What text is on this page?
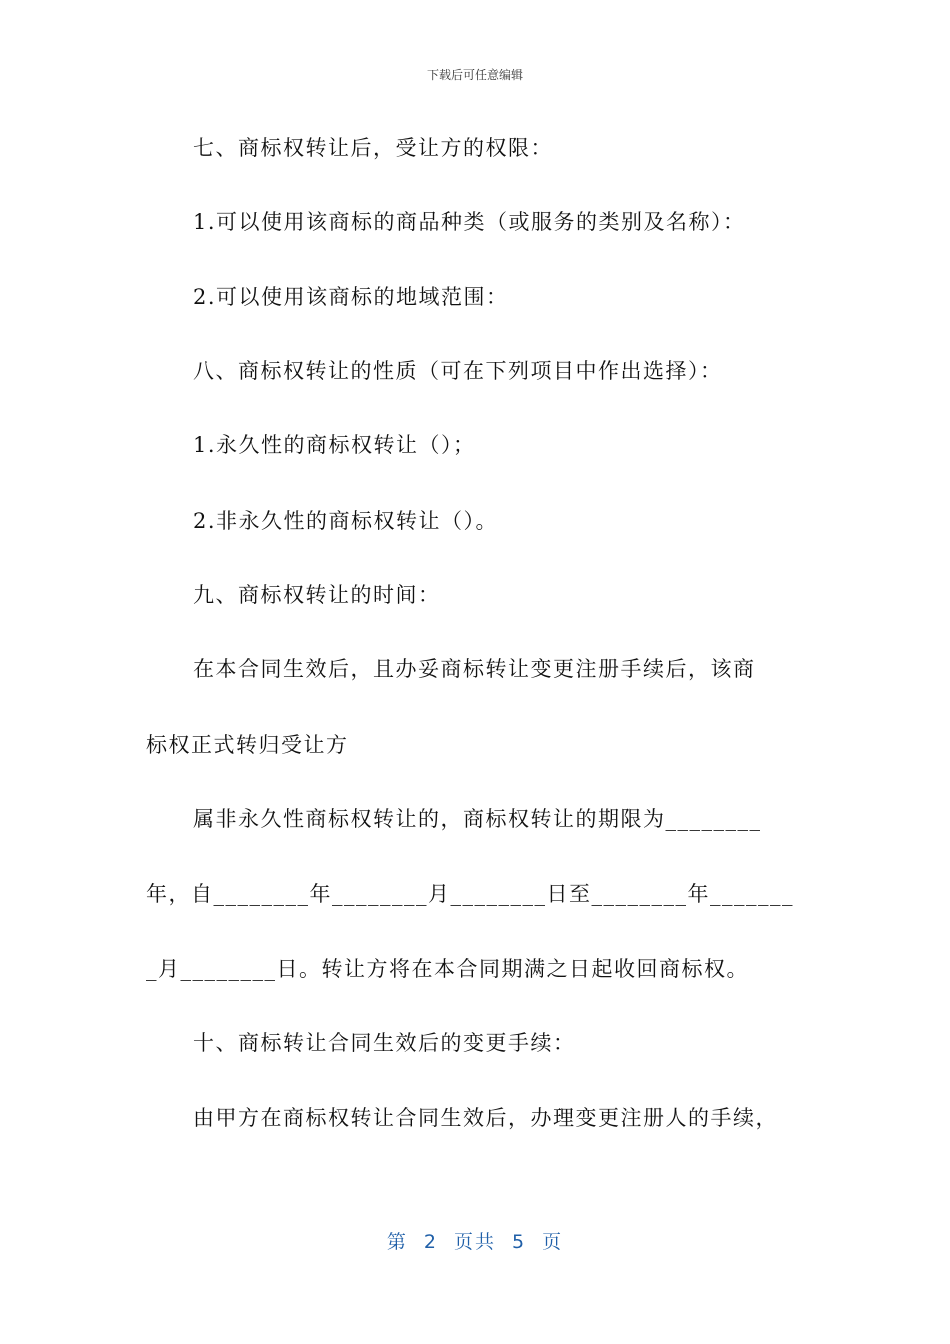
下载后可任意编辑
七、商标权转让后，受让方的权限：
1.可以使用该商标的商品种类（或服务的类别及名称）：
2.可以使用该商标的地域范围：
八、商标权转让的性质（可在下列项目中作出选择）：
1.永久性的商标权转让（）；
2.非永久性的商标权转让（）。
九、商标权转让的时间：
在本合同生效后，且办妥商标转让变更注册手续后，该商
标权正式转归受让方
属非永久性商标权转让的，商标权转让的期限为________
年，自________年________月________日至________年_______
_月________日。转让方将在本合同期满之日起收回商标权。
十、商标转让合同生效后的变更手续：
由甲方在商标权转让合同生效后，办理变更注册人的手续，
第 2 页共 5 页
